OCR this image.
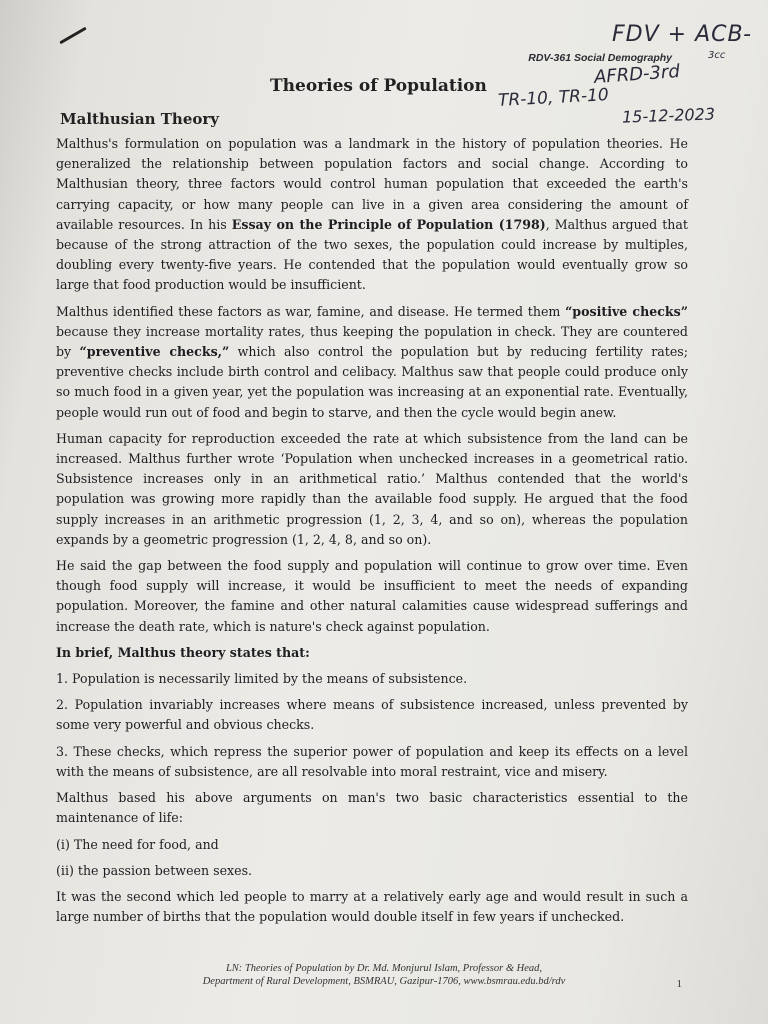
FDV + ACB-
3cc
RDV-361 Social Demography
AFRD-3rd
TR-10, TR-10
15-12-2023
Theories of Population
Malthusian Theory

Malthus's formulation on population was a landmark in the history of population theories. He generalized the relationship between population factors and social change. According to Malthusian theory, three factors would control human population that exceeded the earth's carrying capacity, or how many people can live in a given area considering the amount of available resources. In his Essay on the Principle of Population (1798), Malthus argued that because of the strong attraction of the two sexes, the population could increase by multiples, doubling every twenty-five years. He contended that the population would eventually grow so large that food production would be insufficient.

Malthus identified these factors as war, famine, and disease. He termed them “positive checks” because they increase mortality rates, thus keeping the population in check. They are countered by “preventive checks,” which also control the population but by reducing fertility rates; preventive checks include birth control and celibacy. Malthus saw that people could produce only so much food in a given year, yet the population was increasing at an exponential rate. Eventually, people would run out of food and begin to starve, and then the cycle would begin anew.

Human capacity for reproduction exceeded the rate at which subsistence from the land can be increased. Malthus further wrote ‘Population when unchecked increases in a geometrical ratio. Subsistence increases only in an arithmetical ratio.’ Malthus contended that the world's population was growing more rapidly than the available food supply. He argued that the food supply increases in an arithmetic progression (1, 2, 3, 4, and so on), whereas the population expands by a geometric progression (1, 2, 4, 8, and so on).

He said the gap between the food supply and population will continue to grow over time. Even though food supply will increase, it would be insufficient to meet the needs of expanding population. Moreover, the famine and other natural calamities cause widespread sufferings and increase the death rate, which is nature's check against population.

In brief, Malthus theory states that:

1. Population is necessarily limited by the means of subsistence.

2. Population invariably increases where means of subsistence increased, unless prevented by some very powerful and obvious checks.

3. These checks, which repress the superior power of population and keep its effects on a level with the means of subsistence, are all resolvable into moral restraint, vice and misery.

Malthus based his above arguments on man's two basic characteristics essential to the maintenance of life:

(i) The need for food, and

(ii) the passion between sexes.

It was the second which led people to marry at a relatively early age and would result in such a large number of births that the population would double itself in few years if unchecked.

LN: Theories of Population by Dr. Md. Monjurul Islam, Professor & Head,
Department of Rural Development, BSMRAU, Gazipur-1706, www.bsmrau.edu.bd/rdv	1
